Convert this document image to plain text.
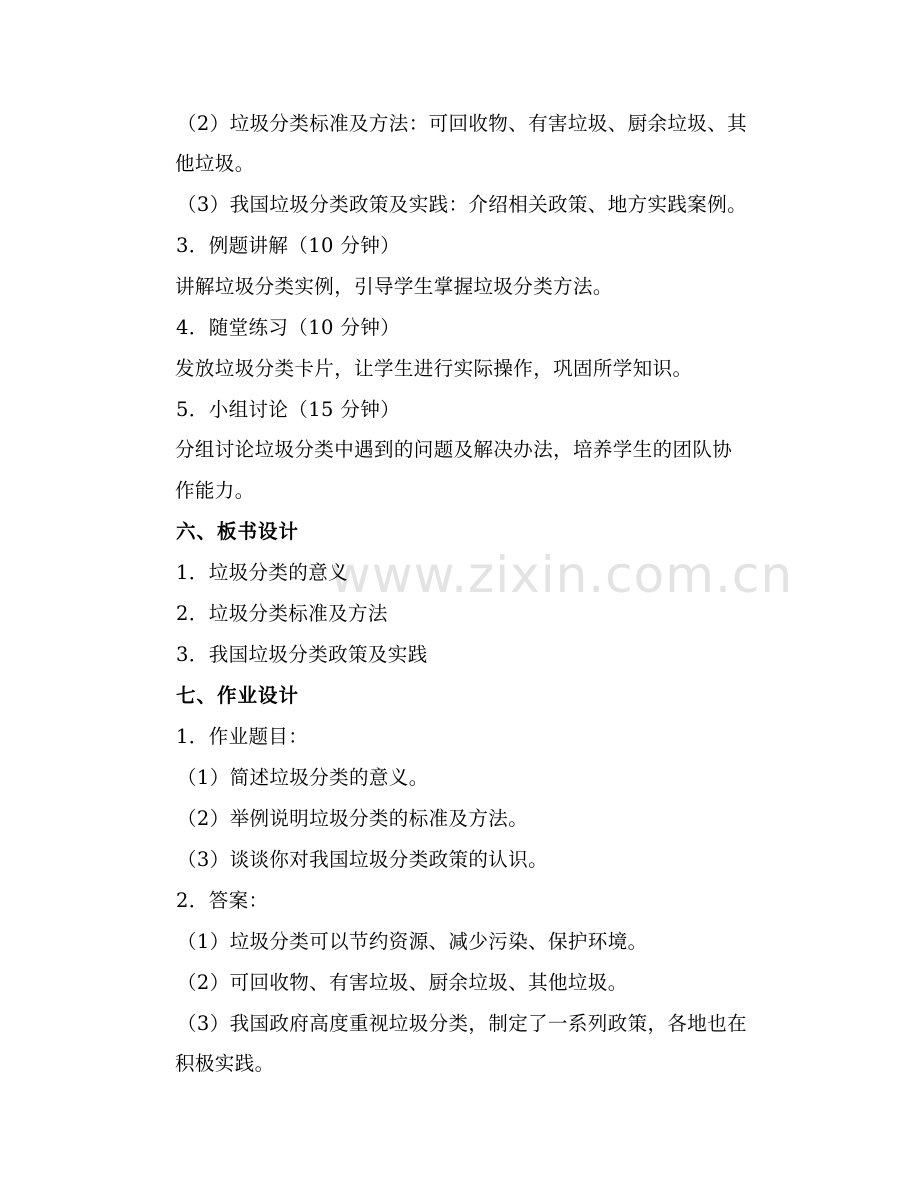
www.zixin.com.cn
（2）垃圾分类标准及方法：可回收物、有害垃圾、厨余垃圾、其
他垃圾。
（3）我国垃圾分类政策及实践：介绍相关政策、地方实践案例。
3．例题讲解（10 分钟）
讲解垃圾分类实例，引导学生掌握垃圾分类方法。
4．随堂练习（10 分钟）
发放垃圾分类卡片，让学生进行实际操作，巩固所学知识。
5．小组讨论（15 分钟）
分组讨论垃圾分类中遇到的问题及解决办法，培养学生的团队协
作能力。
六、板书设计
1．垃圾分类的意义
2．垃圾分类标准及方法
3．我国垃圾分类政策及实践
七、作业设计
1．作业题目：
（1）简述垃圾分类的意义。
（2）举例说明垃圾分类的标准及方法。
（3）谈谈你对我国垃圾分类政策的认识。
2．答案：
（1）垃圾分类可以节约资源、减少污染、保护环境。
（2）可回收物、有害垃圾、厨余垃圾、其他垃圾。
（3）我国政府高度重视垃圾分类，制定了一系列政策，各地也在
积极实践。
